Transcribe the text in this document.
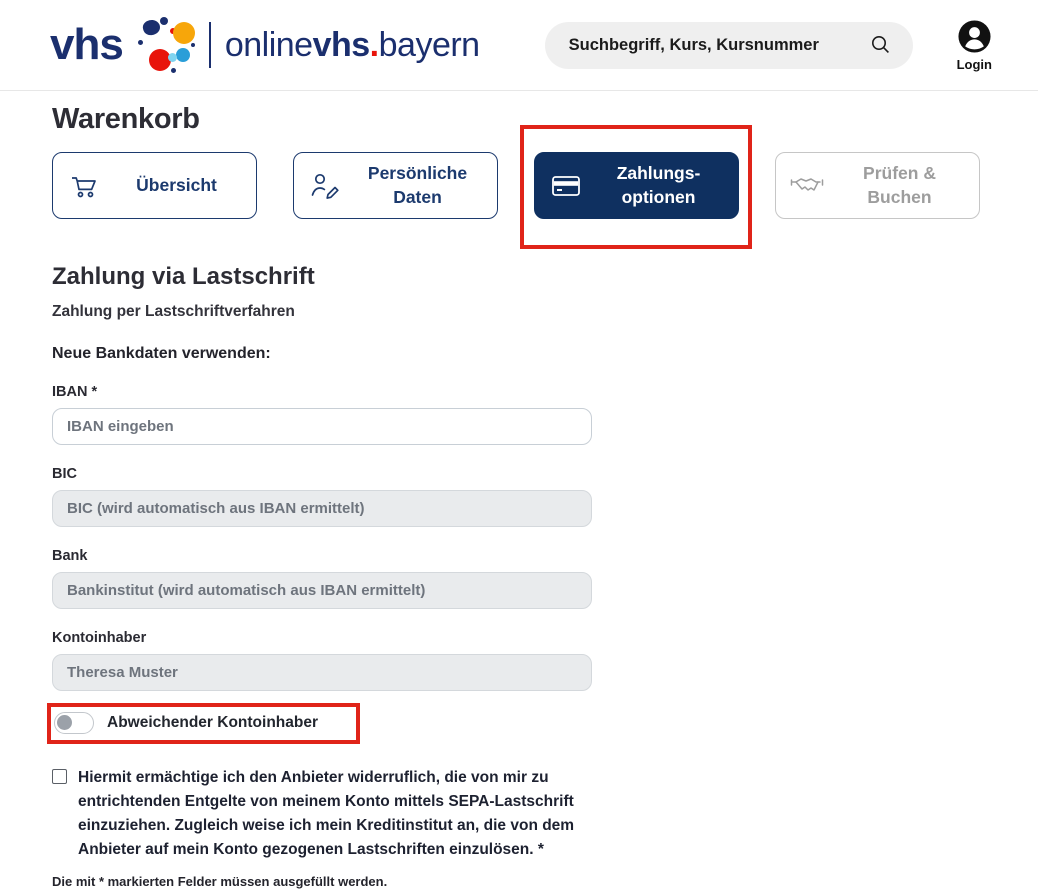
vhs	onlinevhs.bayern
Suchbegriff, Kurs, Kursnummer	Login
Warenkorb
Übersicht
Persönliche Daten
Zahlungs-optionen
Prüfen & Buchen
Zahlung via Lastschrift
Zahlung per Lastschriftverfahren
Neue Bankdaten verwenden:
IBAN *
IBAN eingeben
BIC
BIC (wird automatisch aus IBAN ermittelt)
Bank
Bankinstitut (wird automatisch aus IBAN ermittelt)
Kontoinhaber
Theresa Muster
Abweichender Kontoinhaber
Hiermit ermächtige ich den Anbieter widerruflich, die von mir zu entrichtenden Entgelte von meinem Konto mittels SEPA-Lastschrift einzuziehen. Zugleich weise ich mein Kreditinstitut an, die von dem Anbieter auf mein Konto gezogenen Lastschriften einzulösen. *
Die mit * markierten Felder müssen ausgefüllt werden.
